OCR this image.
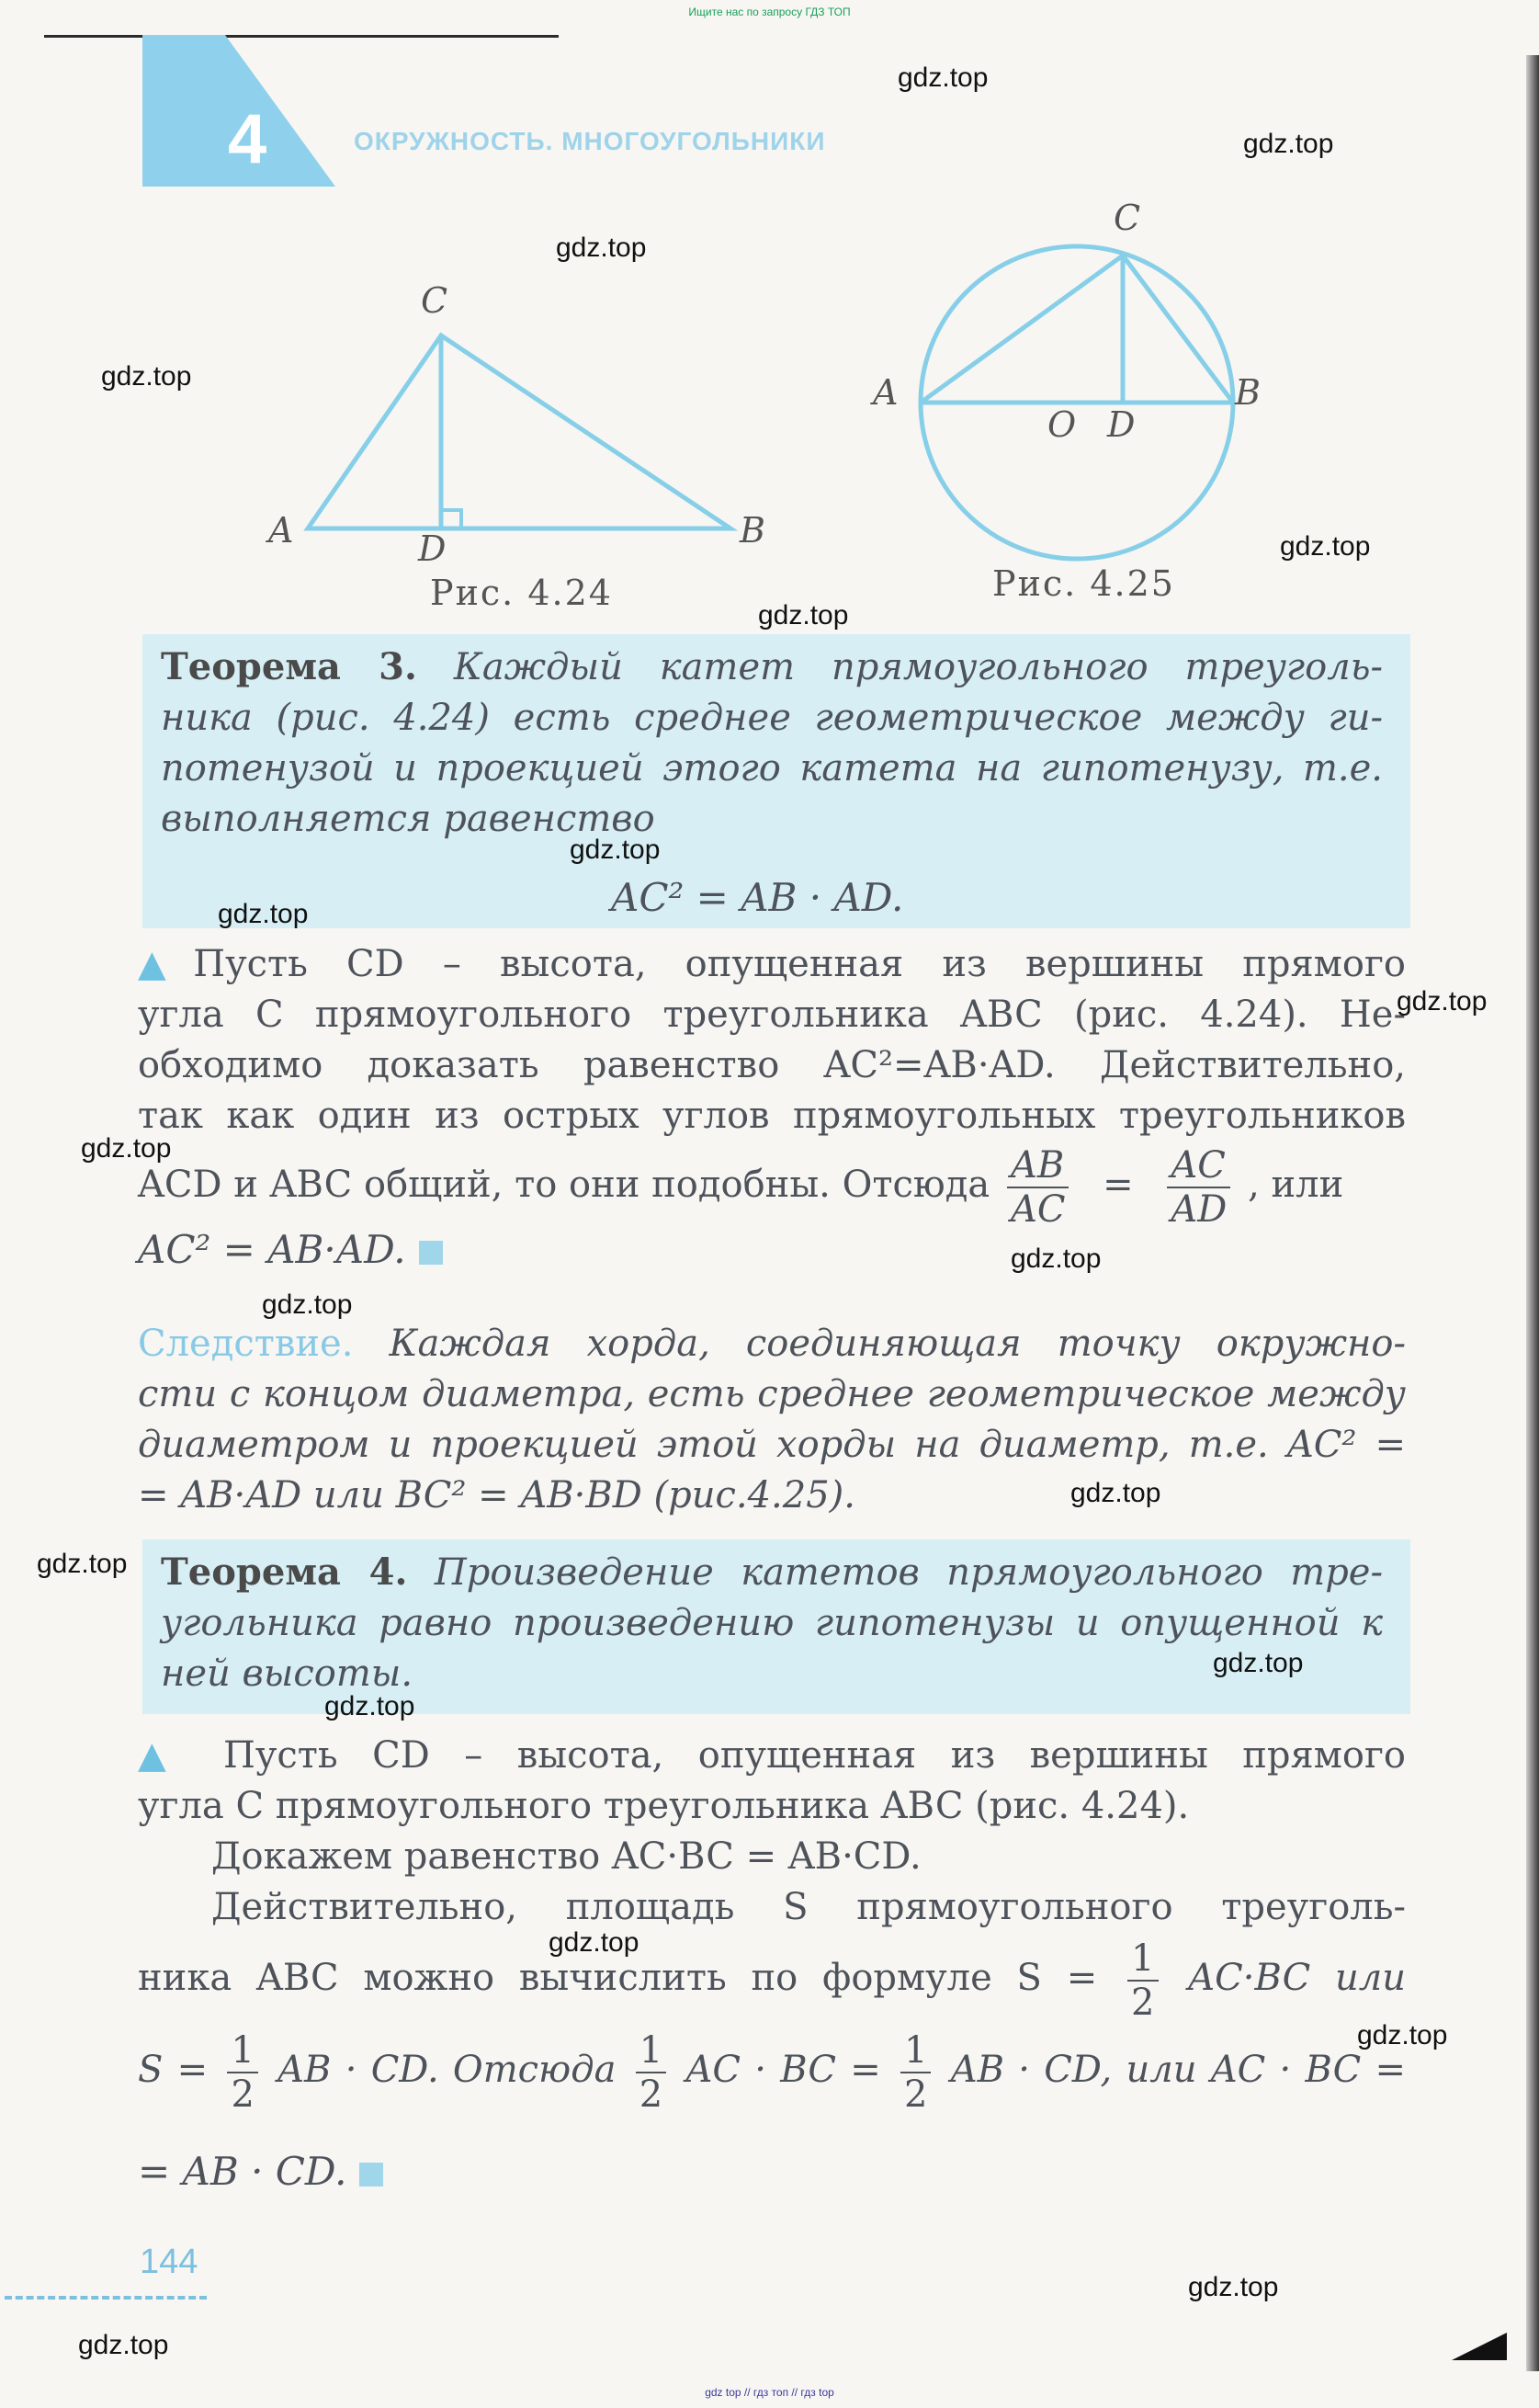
Ищите нас по запросу ГДЗ ТОП
4	ОКРУЖНОСТЬ. МНОГОУГОЛЬНИКИ
C
A	D	B
Рис. 4.24
C
A	B
O D
Рис. 4.25
Теорема 3. Каждый катет прямоугольного треуголь-
ника (рис. 4.24) есть среднее геометрическое между ги-
потенузой и проекцией этого катета на гипотенузу, т.е.
выполняется равенство
AC² = AB · AD.
▲Пусть CD – высота, опущенная из вершины прямого
угла C прямоугольного треугольника ABC (рис. 4.24). Не-
обходимо доказать равенство AC²=AB·AD. Действительно,
так как один из острых углов прямоугольных треугольников
ACD и ABC общий, то они подобны. Отсюда $\frac{AB}{AC} = \frac{AC}{AD}$ , или
AC² = AB·AD.
Следствие. Каждая хорда, соединяющая точку окружно-
сти с концом диаметра, есть среднее геометрическое между
диаметром и проекцией этой хорды на диаметр, т.е. AC² =
= AB·AD или BC² = AB·BD (рис.4.25).
Теорема 4. Произведение катетов прямоугольного тре-
угольника равно произведению гипотенузы и опущенной к
ней высоты.
▲ Пусть CD – высота, опущенная из вершины прямого
угла C прямоугольного треугольника ABC (рис. 4.24).
Докажем равенство AC·BC = AB·CD.
Действительно, площадь S прямоугольного треуголь-
ника ABC можно вычислить по формуле $S = \frac{1}{2} AC\cdot BC$ или
$S = \frac{1}{2}$ AB · CD. Отсюда $\frac{1}{2}$ AC · BC = $\frac{1}{2}$ AB · CD, или AC · BC =
= AB · CD.
144
gdz.top
gdz.top
gdz.top
gdz.top
gdz.top
gdz.top
gdz.top
gdz.top
gdz.top
gdz.top
gdz.top
gdz.top
gdz.top
gdz.top
gdz.top
gdz.top
gdz.top
gdz.top
gdz.top
gdz.top
gdz top // гдз топ // гдз top
